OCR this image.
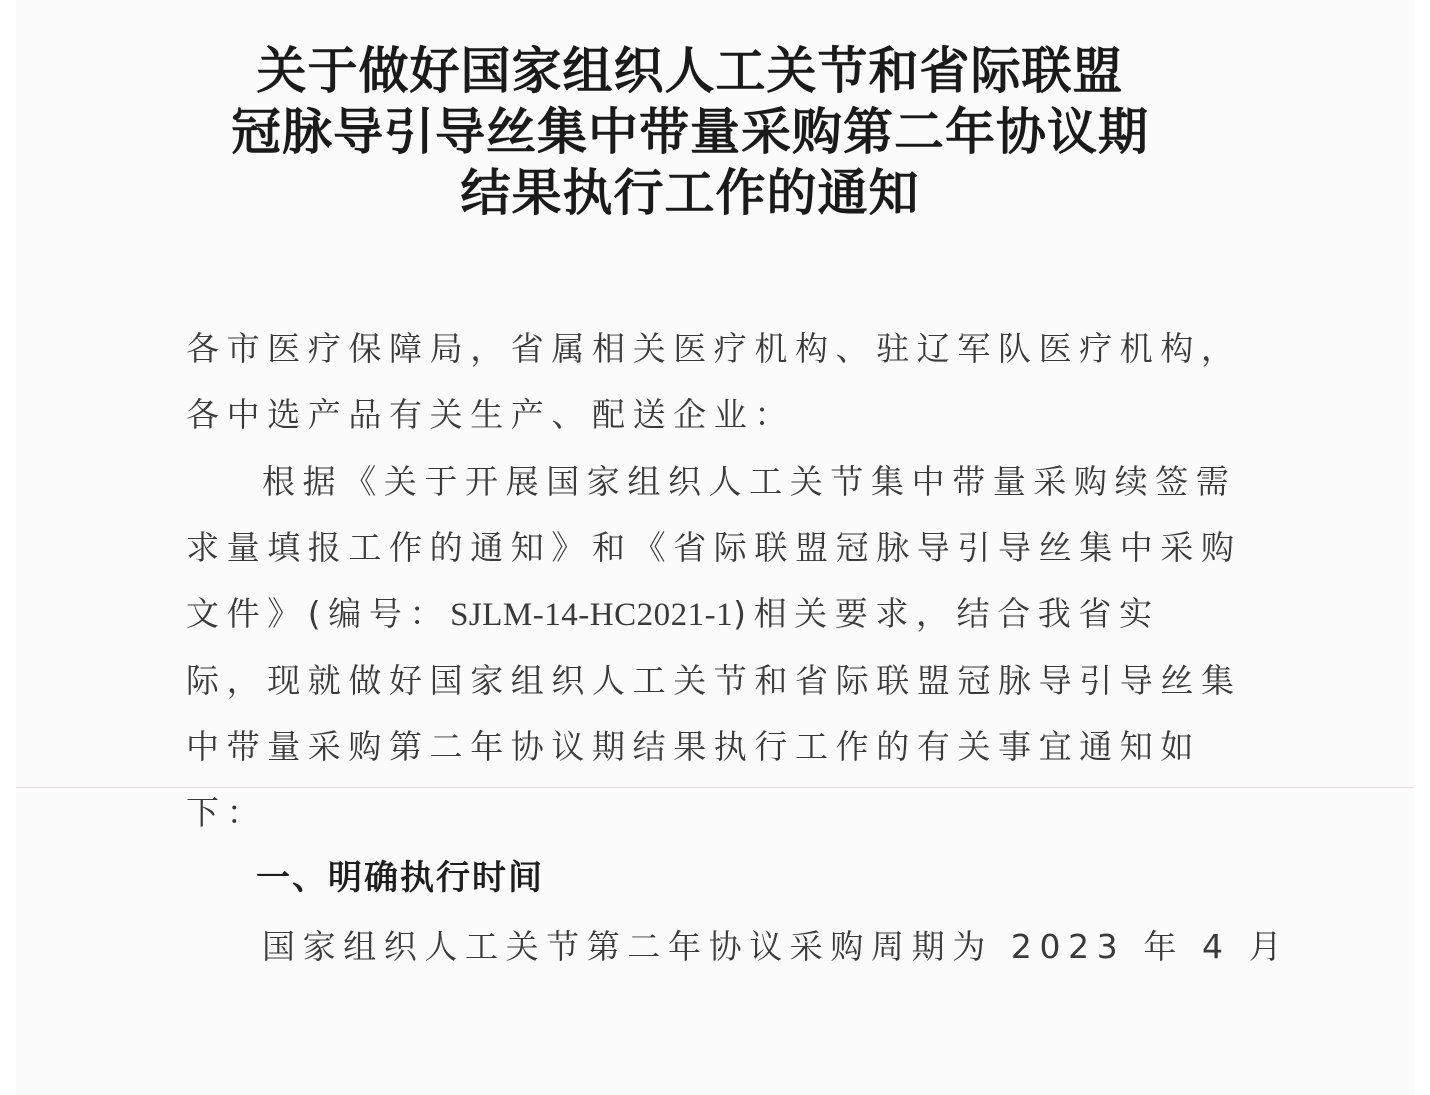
关于做好国家组织人工关节和省际联盟
冠脉导引导丝集中带量采购第二年协议期
结果执行工作的通知
各市医疗保障局，省属相关医疗机构、驻辽军队医疗机构，
各中选产品有关生产、配送企业：
根据《关于开展国家组织人工关节集中带量采购续签需
求量填报工作的通知》和《省际联盟冠脉导引导丝集中采购
文件》(编号：SJLM-14-HC2021-1)相关要求，结合我省实
际，现就做好国家组织人工关节和省际联盟冠脉导引导丝集
中带量采购第二年协议期结果执行工作的有关事宜通知如
下：
一、明确执行时间
国家组织人工关节第二年协议采购周期为 2023 年 4 月
